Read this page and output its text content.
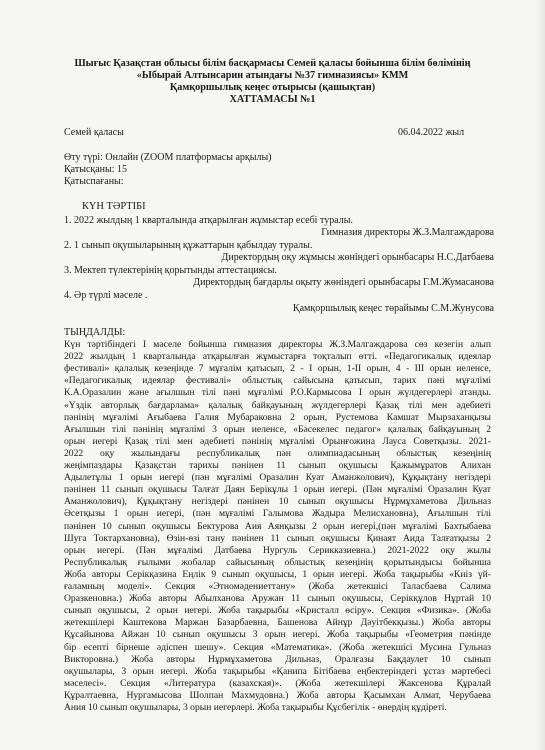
Шығыс Қазақстан облысы білім басқармасы Семей қаласы бойынша білім бөлімінің
«Ыбырай Алтынсарин атындағы №37 гимназиясы» КММ
Қамқоршылық кеңес отырысы (қашықтан)
ХАТТАМАСЫ №1
Семей қаласы	06.04.2022 жыл
Өту түрі: Онлайн (ZOOM платформасы арқылы)
Қатысқаны: 15
Қатыспағаны:
КҮН ТӘРТІБІ
1. 2022 жылдың 1 кварталында атқарылған жұмыстар есебі туралы.
Гимназия директоры Ж.З.Малгаждарова
2. 1 сынып оқушыларының құжаттарын қабылдау туралы.
Директордың оқу жұмысы жөніндегі орынбасары Н.С.Датбаева
3. Мектеп түлектерінің қорытынды аттестациясы.
Директордың бағдарлы оқыту жөніндегі орынбасары Г.М.Жумасанова
4. Әр түрлі мәселе .
Қамқоршылық кеңес төрайымы С.М.Жунусова
ТЫҢДАЛДЫ:
Күн тәртібіндегі I мәселе бойынша гимназия директоры Ж.З.Малгаждарова сөз кезегін алып
2022 жылдың 1 кварталында атқарылған жұмыстарға тоқталып өтті. «Педагогикалық идеялар
фестивалі» қалалық кезеңінде 7 мұғалім қатысып, 2 - I орын, 1-II орын, 4 - III орын иеленсе,
«Педагогикалық идеялар фестивалі» облыстық сайысына қатысып, тарих пәні мұғалімі
К.А.Оразалин және ағылшын тілі пәні мұғалімі Р.О.Кармысова I орын жүлдегерлері атанды.
«Үздік авторлық бағдарлама» қалалық байқауының жүлдегерлері Қазақ тілі мен әдебиеті
пәнінің мұғалімі Ағыбаева Галия Мубараковна 2 орын, Рустемова Камшат Мырзаханқызы
Ағылшын тілі пәнінің мұғалімі 3 орын иеленсе, «Бәсекелес педагог» қалалық байқауының 2
орын иегері Қазақ тілі мен әдебиеті пәнінің мұғалімі Орынғожина Лауса Советқызы. 2021-
2022 оқу жылындағы республикалық пән олимпиадасының облыстық кезеңінің
жеңімпаздары Қазақстан тарихы пәнінен 11 сынып оқушысы Қажымұратов Алихан
Адылетұлы 1 орын иегері (пән мұғалімі Оразалин Куат Аманжолович), Құқықтану негіздері
пәнінен 11 сынып оқушысы Талғат Даян Берікұлы 1 орын иегері. (Пән мұғалімі Оразалин Куат
Аманжолович), Құқықтану негіздері пәнінен 10 сынып оқушысы Нұрмұхаметова Дильназ
Әсетқызы 1 орын иегері, (пән мұғалімі Галымова Жадыра Мелисхановна), Ағылшын тілі
пәнінен 10 сынып оқушысы Бектурова Аия Аянқызы 2 орын иегері,(пән мұғалімі Бахтыбаева
Шуга Токтархановна), Өзін-өзі тану пәнінен 11 сынып оқушысы Қинаят Аида Талғатқызы 2
орын иегері. (Пән мұғалімі Датбаева Нургуль Серикказиевна.) 2021-2022 оқу жылы
Республикалық ғылыми жобалар сайысының облыстық кезеңінің қорытындысы бойынша
Жоба авторы Серікқазина Еңлік 9 сынып оқушысы, 1 орын иегері. Жоба тақырыбы «Киіз үй-
ғаламның моделі». Секция «Этномәдениеттану» (Жоба жетекшісі Таласбаева Салима
Оразкеновна.) Жоба авторы Абылханова Аружан 11 сынып оқушысы, Серікқұлов Нұртай 10
сынып оқушысы, 2 орын иегері. Жоба тақырыбы «Кристалл өсіру». Секция «Физика». (Жоба
жетекшілері Каштекова Маржан Базарбаевна, Башенова Айнұр Дәуітбекқызы.) Жоба авторы
Құсайынова Айжан 10 сынып оқушысы 3 орын иегері. Жоба тақырыбы «Геометрия пәнінде
бір есепті бірнеше әдіспен шешу». Секция «Математика». (Жоба жетекшісі Мусина Гульназ
Викторовна.) Жоба авторы Нұрмұхаметова Дильназ, Оралғазы Бақдаулет 10 сынып
оқушылары, 3 орын иегері. Жоба тақырыбы «Қанипа Бітібаева еңбектеріндегі ұстаз мәртебесі
мәселесі». Секция «Литература (казахская)». (Жоба жетекшілері Жаксенова Құралай
Құралтаевна, Нургамысова Шолпан Махмудовна.) Жоба авторы Қасымхан Алмат, Черубаева
Ания 10 сынып оқушылары, 3 орын иегерлері. Жоба тақырыбы Құсбегілік - өнердің құдіреті.
